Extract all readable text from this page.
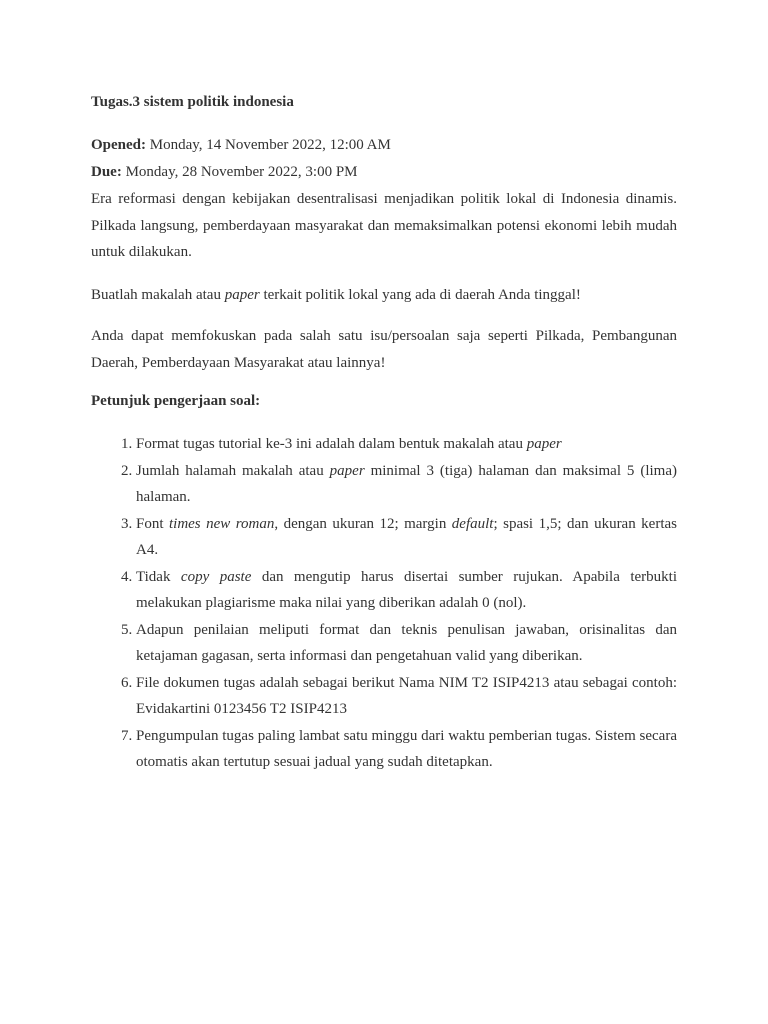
Tugas.3 sistem politik indonesia

Opened: Monday, 14 November 2022, 12:00 AM

Due: Monday, 28 November 2022, 3:00 PM

Era reformasi dengan kebijakan desentralisasi menjadikan politik lokal di Indonesia dinamis. Pilkada langsung, pemberdayaan masyarakat dan memaksimalkan potensi ekonomi lebih mudah untuk dilakukan.

Buatlah makalah atau paper terkait politik lokal yang ada di daerah Anda tinggal!

Anda dapat memfokuskan pada salah satu isu/persoalan saja seperti Pilkada, Pembangunan Daerah, Pemberdayaan Masyarakat atau lainnya!

Petunjuk pengerjaan soal:

1. Format tugas tutorial ke-3 ini adalah dalam bentuk makalah atau paper
2. Jumlah halamah makalah atau paper minimal 3 (tiga) halaman dan maksimal 5 (lima) halaman.
3. Font times new roman, dengan ukuran 12; margin default; spasi 1,5; dan ukuran kertas A4.
4. Tidak copy paste dan mengutip harus disertai sumber rujukan. Apabila terbukti melakukan plagiarisme maka nilai yang diberikan adalah 0 (nol).
5. Adapun penilaian meliputi format dan teknis penulisan jawaban, orisinalitas dan ketajaman gagasan, serta informasi dan pengetahuan valid yang diberikan.
6. File dokumen tugas adalah sebagai berikut Nama NIM T2 ISIP4213 atau sebagai contoh: Evidakartini 0123456 T2 ISIP4213
7. Pengumpulan tugas paling lambat satu minggu dari waktu pemberian tugas. Sistem secara otomatis akan tertutup sesuai jadual yang sudah ditetapkan.
